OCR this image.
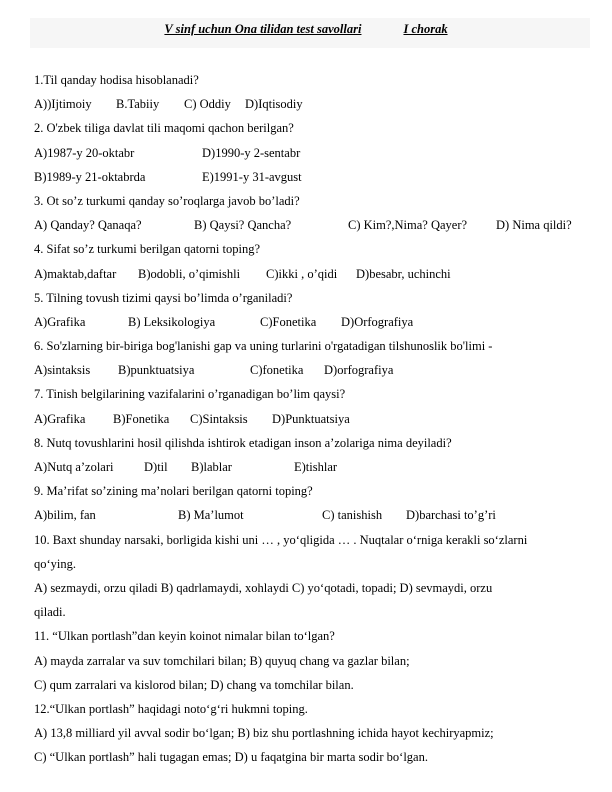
V sinf uchun Ona tilidan test savollari	I chorak
1.Til qanday hodisa hisoblanadi?
A))Ijtimoiy B.Tabiiy C) Oddiy D)Iqtisodiy
2. O'zbek tiliga davlat tili maqomi qachon berilgan?
A)1987-y 20-oktabr	D)1990-y 2-sentabr
B)1989-y 21-oktabrda	E)1991-y 31-avgust
3. Ot so’z turkumi qanday so’roqlarga javob bo’ladi?
A) Qanday? Qanaqa?	B) Qaysi? Qancha?	C) Kim?,Nima? Qayer? D) Nima qildi?
4. Sifat so’z turkumi berilgan qatorni toping?
A)maktab,daftar B)odobli, o’qimishli C)ikki , o’qidi D)besabr, uchinchi
5. Tilning tovush tizimi qaysi bo’limda o’rganiladi?
A)Grafika	B) Leksikologiya	C)Fonetika D)Orfografiya
6. So'zlarning bir-biriga bog'lanishi gap va uning turlarini o'rgatadigan tilshunoslik bo'limi -
A)sintaksis B)punktuatsiya	C)fonetika D)orfografiya
7. Tinish belgilarining vazifalarini o’rganadigan bo’lim qaysi?
A)Grafika B)Fonetika C)Sintaksis D)Punktuatsiya
8. Nutq tovushlarini hosil qilishda ishtirok etadigan inson a’zolariga nima deyiladi?
A)Nutq a’zolari D)til B)lablar	E)tishlar
9. Ma’rifat so’zining ma’nolari berilgan qatorni toping?
A)bilim, fan	B) Ma’lumot	C) tanishish D)barchasi to’g’ri
10. Baxt shunday narsaki, borligida kishi uni … , yo‘qligida … . Nuqtalar o‘rniga kerakli so‘zlarni
qo‘ying.
A) sezmaydi, orzu qiladi B) qadrlamaydi, xohlaydi C) yo‘qotadi, topadi; D) sevmaydi, orzu
qiladi.
11. “Ulkan portlash”dan keyin koinot nimalar bilan to‘lgan?
A) mayda zarralar va suv tomchilari bilan; B) quyuq chang va gazlar bilan;
C) qum zarralari va kislorod bilan; D) chang va tomchilar bilan.
12.“Ulkan portlash” haqidagi noto‘g‘ri hukmni toping.
A) 13,8 milliard yil avval sodir bo‘lgan; B) biz shu portlashning ichida hayot kechiryapmiz;
C) “Ulkan portlash” hali tugagan emas; D) u faqatgina bir marta sodir bo‘lgan.
